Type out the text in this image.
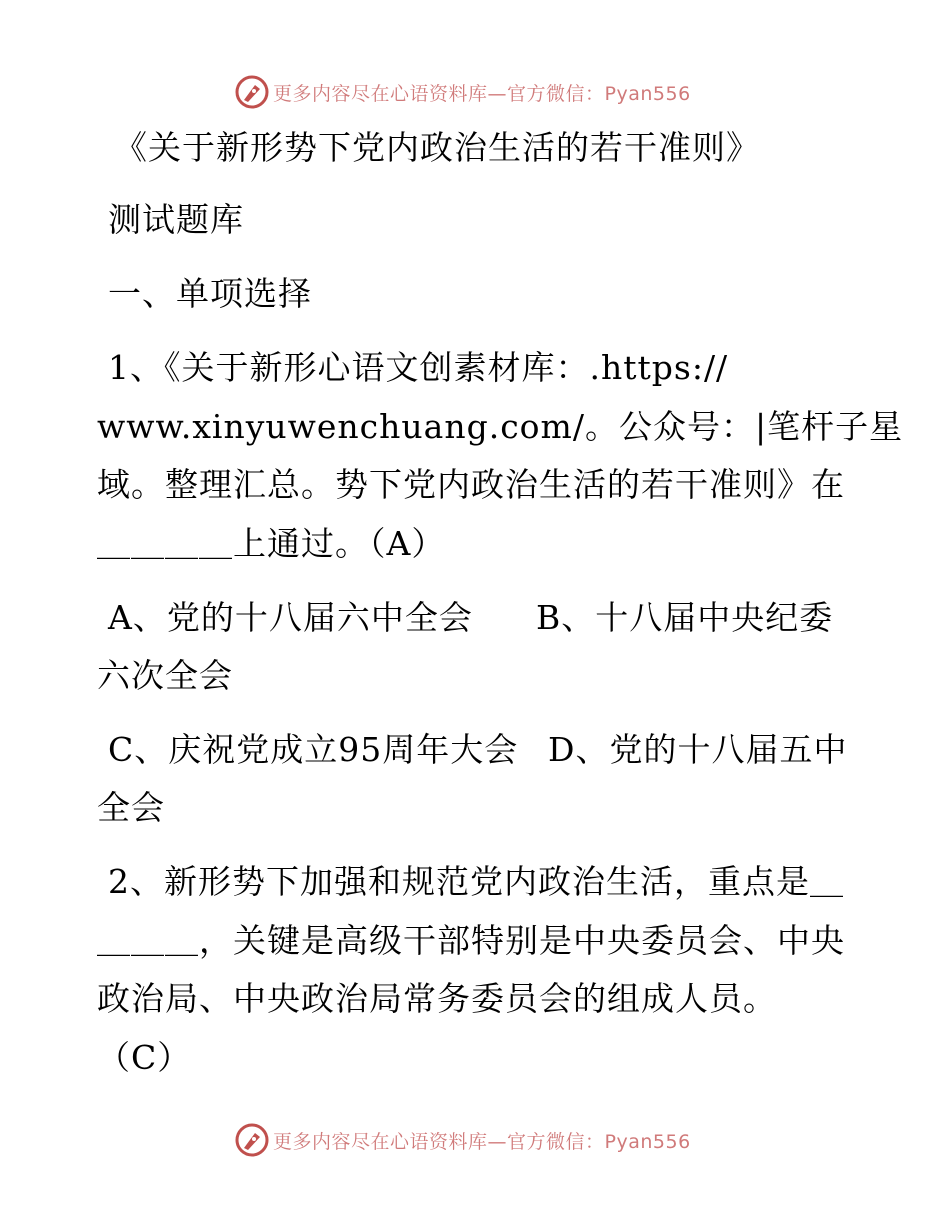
更多内容尽在心语资料库—官方微信：Pyan556
《关于新形势下党内政治生活的若干准则》
测试题库
一、单项选择
1、《关于新形心语文创素材库：.https://
www.xinyuwenchuang.com/。公众号：|笔杆子星
域。整理汇总。势下党内政治生活的若干准则》在
＿＿＿＿上通过。（A）
A、党的十八届六中全会 B、十八届中央纪委
六次全会
C、庆祝党成立95周年大会 D、党的十八届五中
全会
2、新形势下加强和规范党内政治生活，重点是＿
＿＿＿，关键是高级干部特别是中央委员会、中央
政治局、中央政治局常务委员会的组成人员。
（C）
更多内容尽在心语资料库—官方微信：Pyan556
